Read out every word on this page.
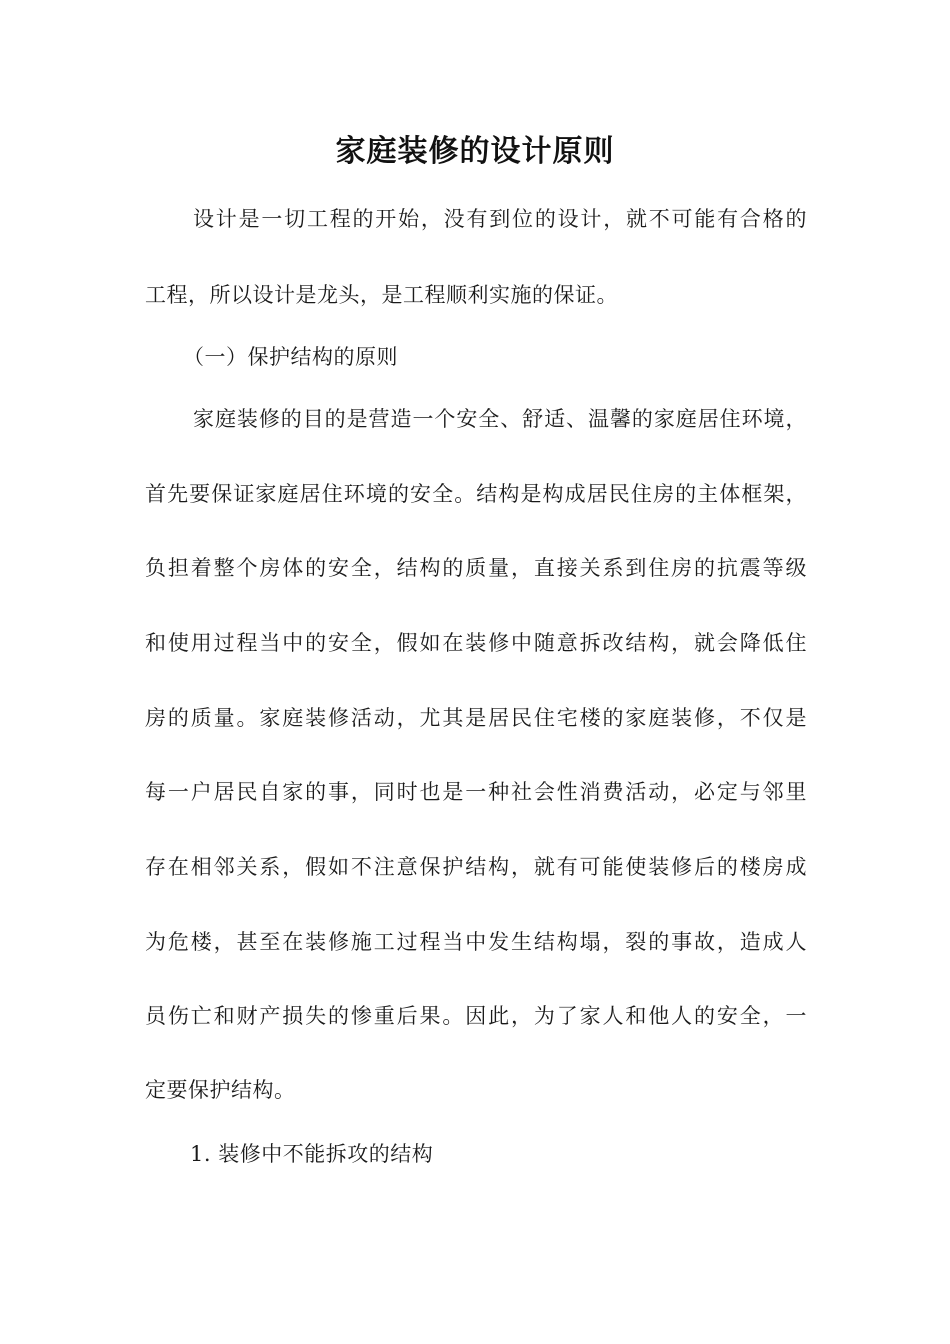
家庭装修的设计原则
设计是一切工程的开始，没有到位的设计，就不可能有合格的
工程，所以设计是龙头，是工程顺利实施的保证。
（一）保护结构的原则
家庭装修的目的是营造一个安全、舒适、温馨的家庭居住环境，
首先要保证家庭居住环境的安全。结构是构成居民住房的主体框架，
负担着整个房体的安全，结构的质量，直接关系到住房的抗震等级
和使用过程当中的安全，假如在装修中随意拆改结构，就会降低住
房的质量。家庭装修活动，尤其是居民住宅楼的家庭装修，不仅是
每一户居民自家的事，同时也是一种社会性消费活动，必定与邻里
存在相邻关系，假如不注意保护结构，就有可能使装修后的楼房成
为危楼，甚至在装修施工过程当中发生结构塌，裂的事故，造成人
员伤亡和财产损失的惨重后果。因此，为了家人和他人的安全，一
定要保护结构。
1. 装修中不能拆攻的结构
